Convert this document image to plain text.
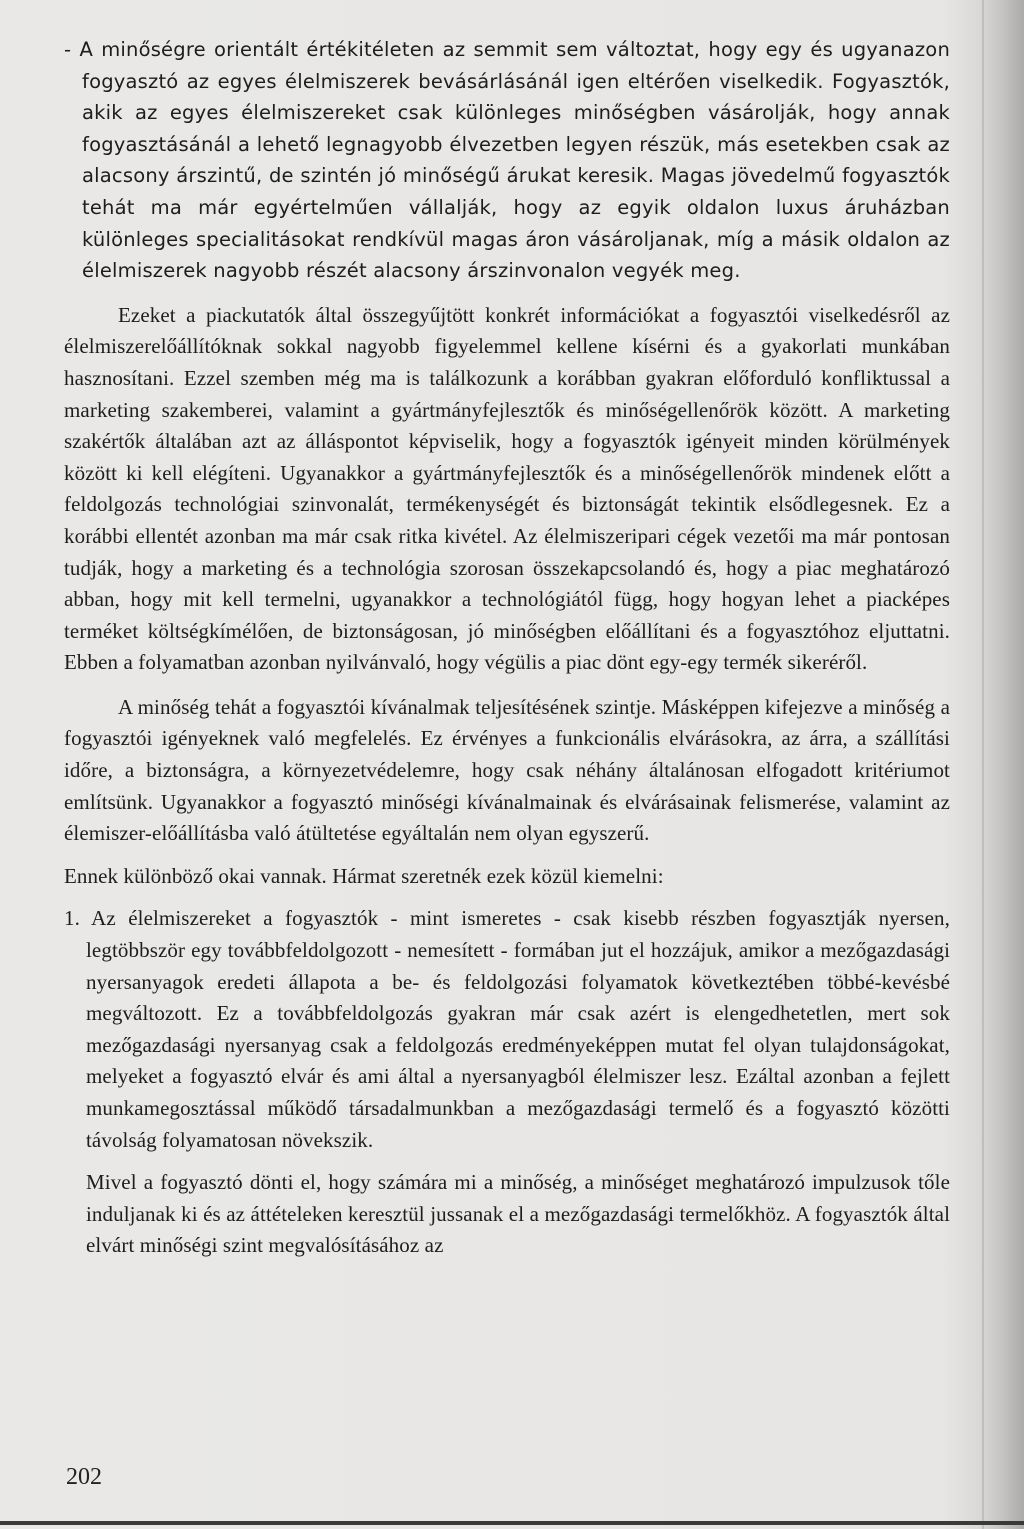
- A minőségre orientált értékitéleten az semmit sem változtat, hogy egy és ugyanazon fogyasztó az egyes élelmiszerek bevásárlásánál igen eltérően viselkedik. Fogyasztók, akik az egyes élelmiszereket csak különleges minőségben vásárolják, hogy annak fogyasztásánál a lehető legnagyobb élvezetben legyen részük, más esetekben csak az alacsony árszintű, de szintén jó minőségű árukat keresik. Magas jövedelmű fogyasztók tehát ma már egyértelműen vállalják, hogy az egyik oldalon luxus áruházban különleges specialitásokat rendkívül magas áron vásároljanak, míg a másik oldalon az élelmiszerek nagyobb részét alacsony árszinvonalon vegyék meg.

Ezeket a piackutatók által összegyűjtött konkrét információkat a fogyasztói viselkedésről az élelmiszerelőállítóknak sokkal nagyobb figyelemmel kellene kísérni és a gyakorlati munkában hasznosítani. Ezzel szemben még ma is találkozunk a korábban gyakran előforduló konfliktussal a marketing szakemberei, valamint a gyártmányfejlesztők és minőségellenőrök között. A marketing szakértők általában azt az álláspontot képviselik, hogy a fogyasztók igényeit minden körülmények között ki kell elégíteni. Ugyanakkor a gyártmányfejlesztők és a minőségellenőrök mindenek előtt a feldolgozás technológiai szinvonalát, termékenységét és biztonságát tekintik elsődlegesnek. Ez a korábbi ellentét azonban ma már csak ritka kivétel. Az élelmiszeripari cégek vezetői ma már pontosan tudják, hogy a marketing és a technológia szorosan összekapcsolandó és, hogy a piac meghatározó abban, hogy mit kell termelni, ugyanakkor a technológiától függ, hogy hogyan lehet a piacképes terméket költségkímélően, de biztonságosan, jó minőségben előállítani és a fogyasztóhoz eljuttatni. Ebben a folyamatban azonban nyilvánvaló, hogy végülis a piac dönt egy-egy termék sikeréről.

A minőség tehát a fogyasztói kívánalmak teljesítésének szintje. Másképpen kifejezve a minőség a fogyasztói igényeknek való megfelelés. Ez érvényes a funkcionális elvárásokra, az árra, a szállítási időre, a biztonságra, a környezetvédelemre, hogy csak néhány általánosan elfogadott kritériumot említsünk. Ugyanakkor a fogyasztó minőségi kívánalmainak és elvárásainak felismerése, valamint az élemiszer-előállításba való átültetése egyáltalán nem olyan egyszerű.

Ennek különböző okai vannak. Hármat szeretnék ezek közül kiemelni:

1. Az élelmiszereket a fogyasztók - mint ismeretes - csak kisebb részben fogyasztják nyersen, legtöbbször egy továbbfeldolgozott - nemesített - formában jut el hozzájuk, amikor a mezőgazdasági nyersanyagok eredeti állapota a be- és feldolgozási folyamatok következtében többé-kevésbé megváltozott. Ez a továbbfeldolgozás gyakran már csak azért is elengedhetetlen, mert sok mezőgazdasági nyersanyag csak a feldolgozás eredményeképpen mutat fel olyan tulajdonságokat, melyeket a fogyasztó elvár és ami által a nyersanyagból élelmiszer lesz. Ezáltal azonban a fejlett munkamegosztással működő társadalmunkban a mezőgazdasági termelő és a fogyasztó közötti távolság folyamatosan növekszik.

Mivel a fogyasztó dönti el, hogy számára mi a minőség, a minőséget meghatározó impulzusok tőle induljanak ki és az áttételeken keresztül jussanak el a mezőgazdasági termelőkhöz. A fogyasztók által elvárt minőségi szint megvalósításához az

202
